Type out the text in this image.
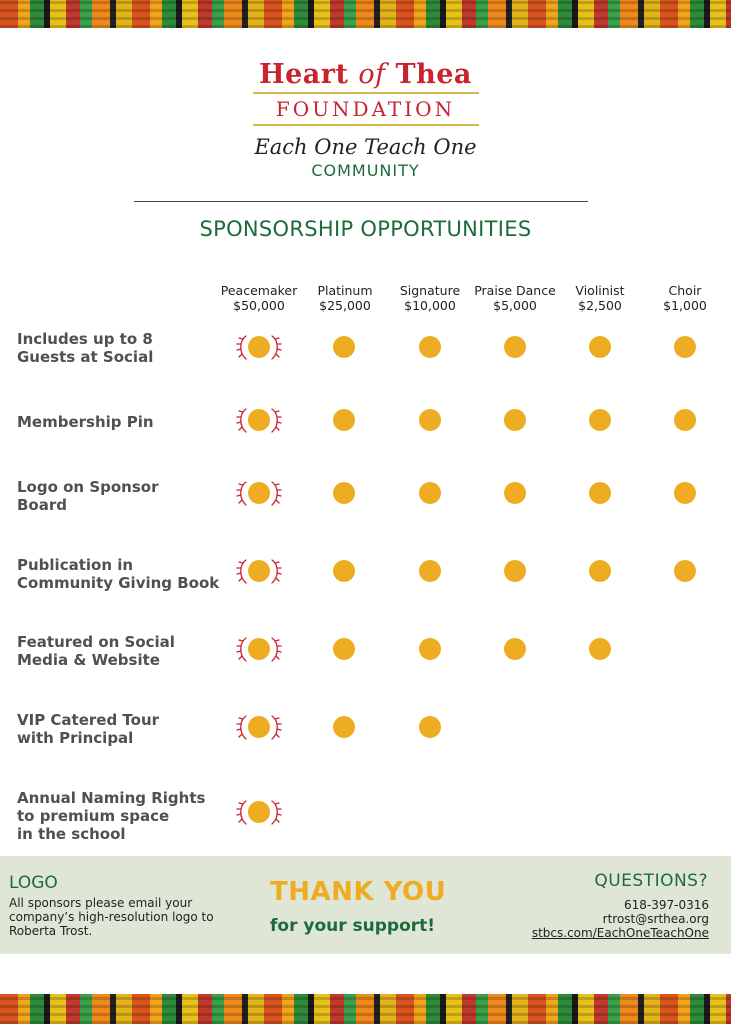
Heart of Thea
FOUNDATION
Each One Teach One
COMMUNITY
SPONSORSHIP OPPORTUNITIES
Peacemaker
$50,000
Platinum
$25,000
Signature
$10,000
Praise Dance
$5,000
Violinist
$2,500
Choir
$1,000
Includes up to 8
Guests at Social
Membership Pin
Logo on Sponsor
Board
Publication in
Community Giving Book
Featured on Social
Media & Website
VIP Catered Tour
with Principal
Annual Naming Rights
to premium space
in the school
LOGO
All sponsors please email your company’s high-resolution logo to Roberta Trost.
THANK YOU
for your support!
QUESTIONS?
618-397-0316
rtrost@srthea.org
stbcs.com/EachOneTeachOne
